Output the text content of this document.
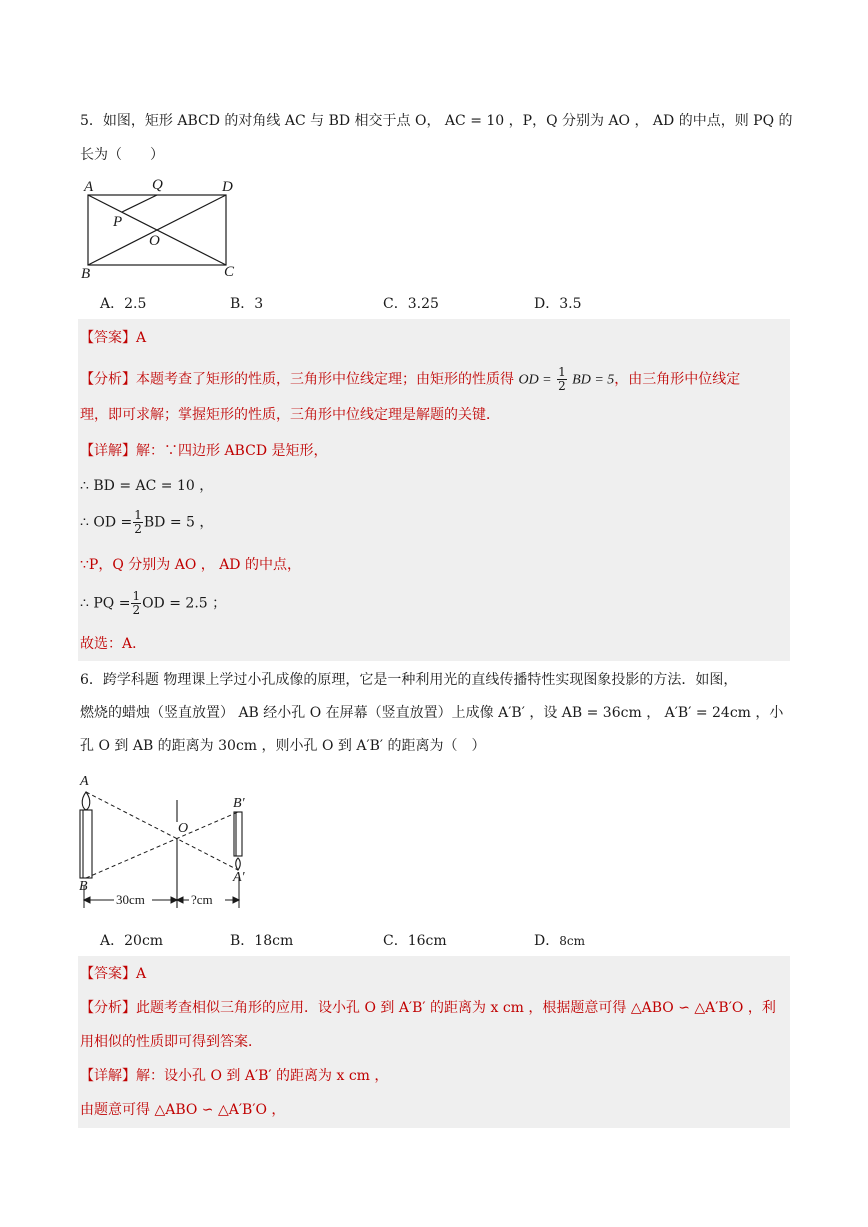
5．如图，矩形 ABCD 的对角线 AC 与 BD 相交于点 O， AC = 10 ，P，Q 分别为 AO ， AD 的中点，则 PQ 的
长为（　　）
A	Q	D
P
O
B	C
A．2.5	B．3	C．3.25	D．3.5
【答案】A
【分析】本题考查了矩形的性质，三角形中位线定理；由矩形的性质得 OD = $\frac{1}{2}$ BD = 5，由三角形中位线定
理，即可求解；掌握矩形的性质，三角形中位线定理是解题的关键．
【详解】解：∵四边形 ABCD 是矩形，
∴ BD = AC = 10 ，
∴ OD = $\frac{1}{2}$ BD = 5 ，
∵P，Q 分别为 AO ， AD 的中点，
∴ PQ = $\frac{1}{2}$ OD = 2.5 ；
故选：A．
6．跨学科题 物理课上学过小孔成像的原理，它是一种利用光的直线传播特性实现图象投影的方法．如图，
燃烧的蜡烛（竖直放置） AB 经小孔 O 在屏幕（竖直放置）上成像 A′B′ ，设 AB = 36cm ， A′B′ = 24cm ，小
孔 O 到 AB 的距离为 30cm ，则小孔 O 到 A′B′ 的距离为（　）
A
B
O
B′
A′
30cm	?cm
A．20cm	B．18cm	C．16cm	D．8cm
【答案】A
【分析】此题考查相似三角形的应用．设小孔 O 到 A′B′ 的距离为 x cm ，根据题意可得 △ABO ∽ △A′B′O ，利
用相似的性质即可得到答案．
【详解】解：设小孔 O 到 A′B′ 的距离为 x cm ，
由题意可得 △ABO ∽ △A′B′O ，
